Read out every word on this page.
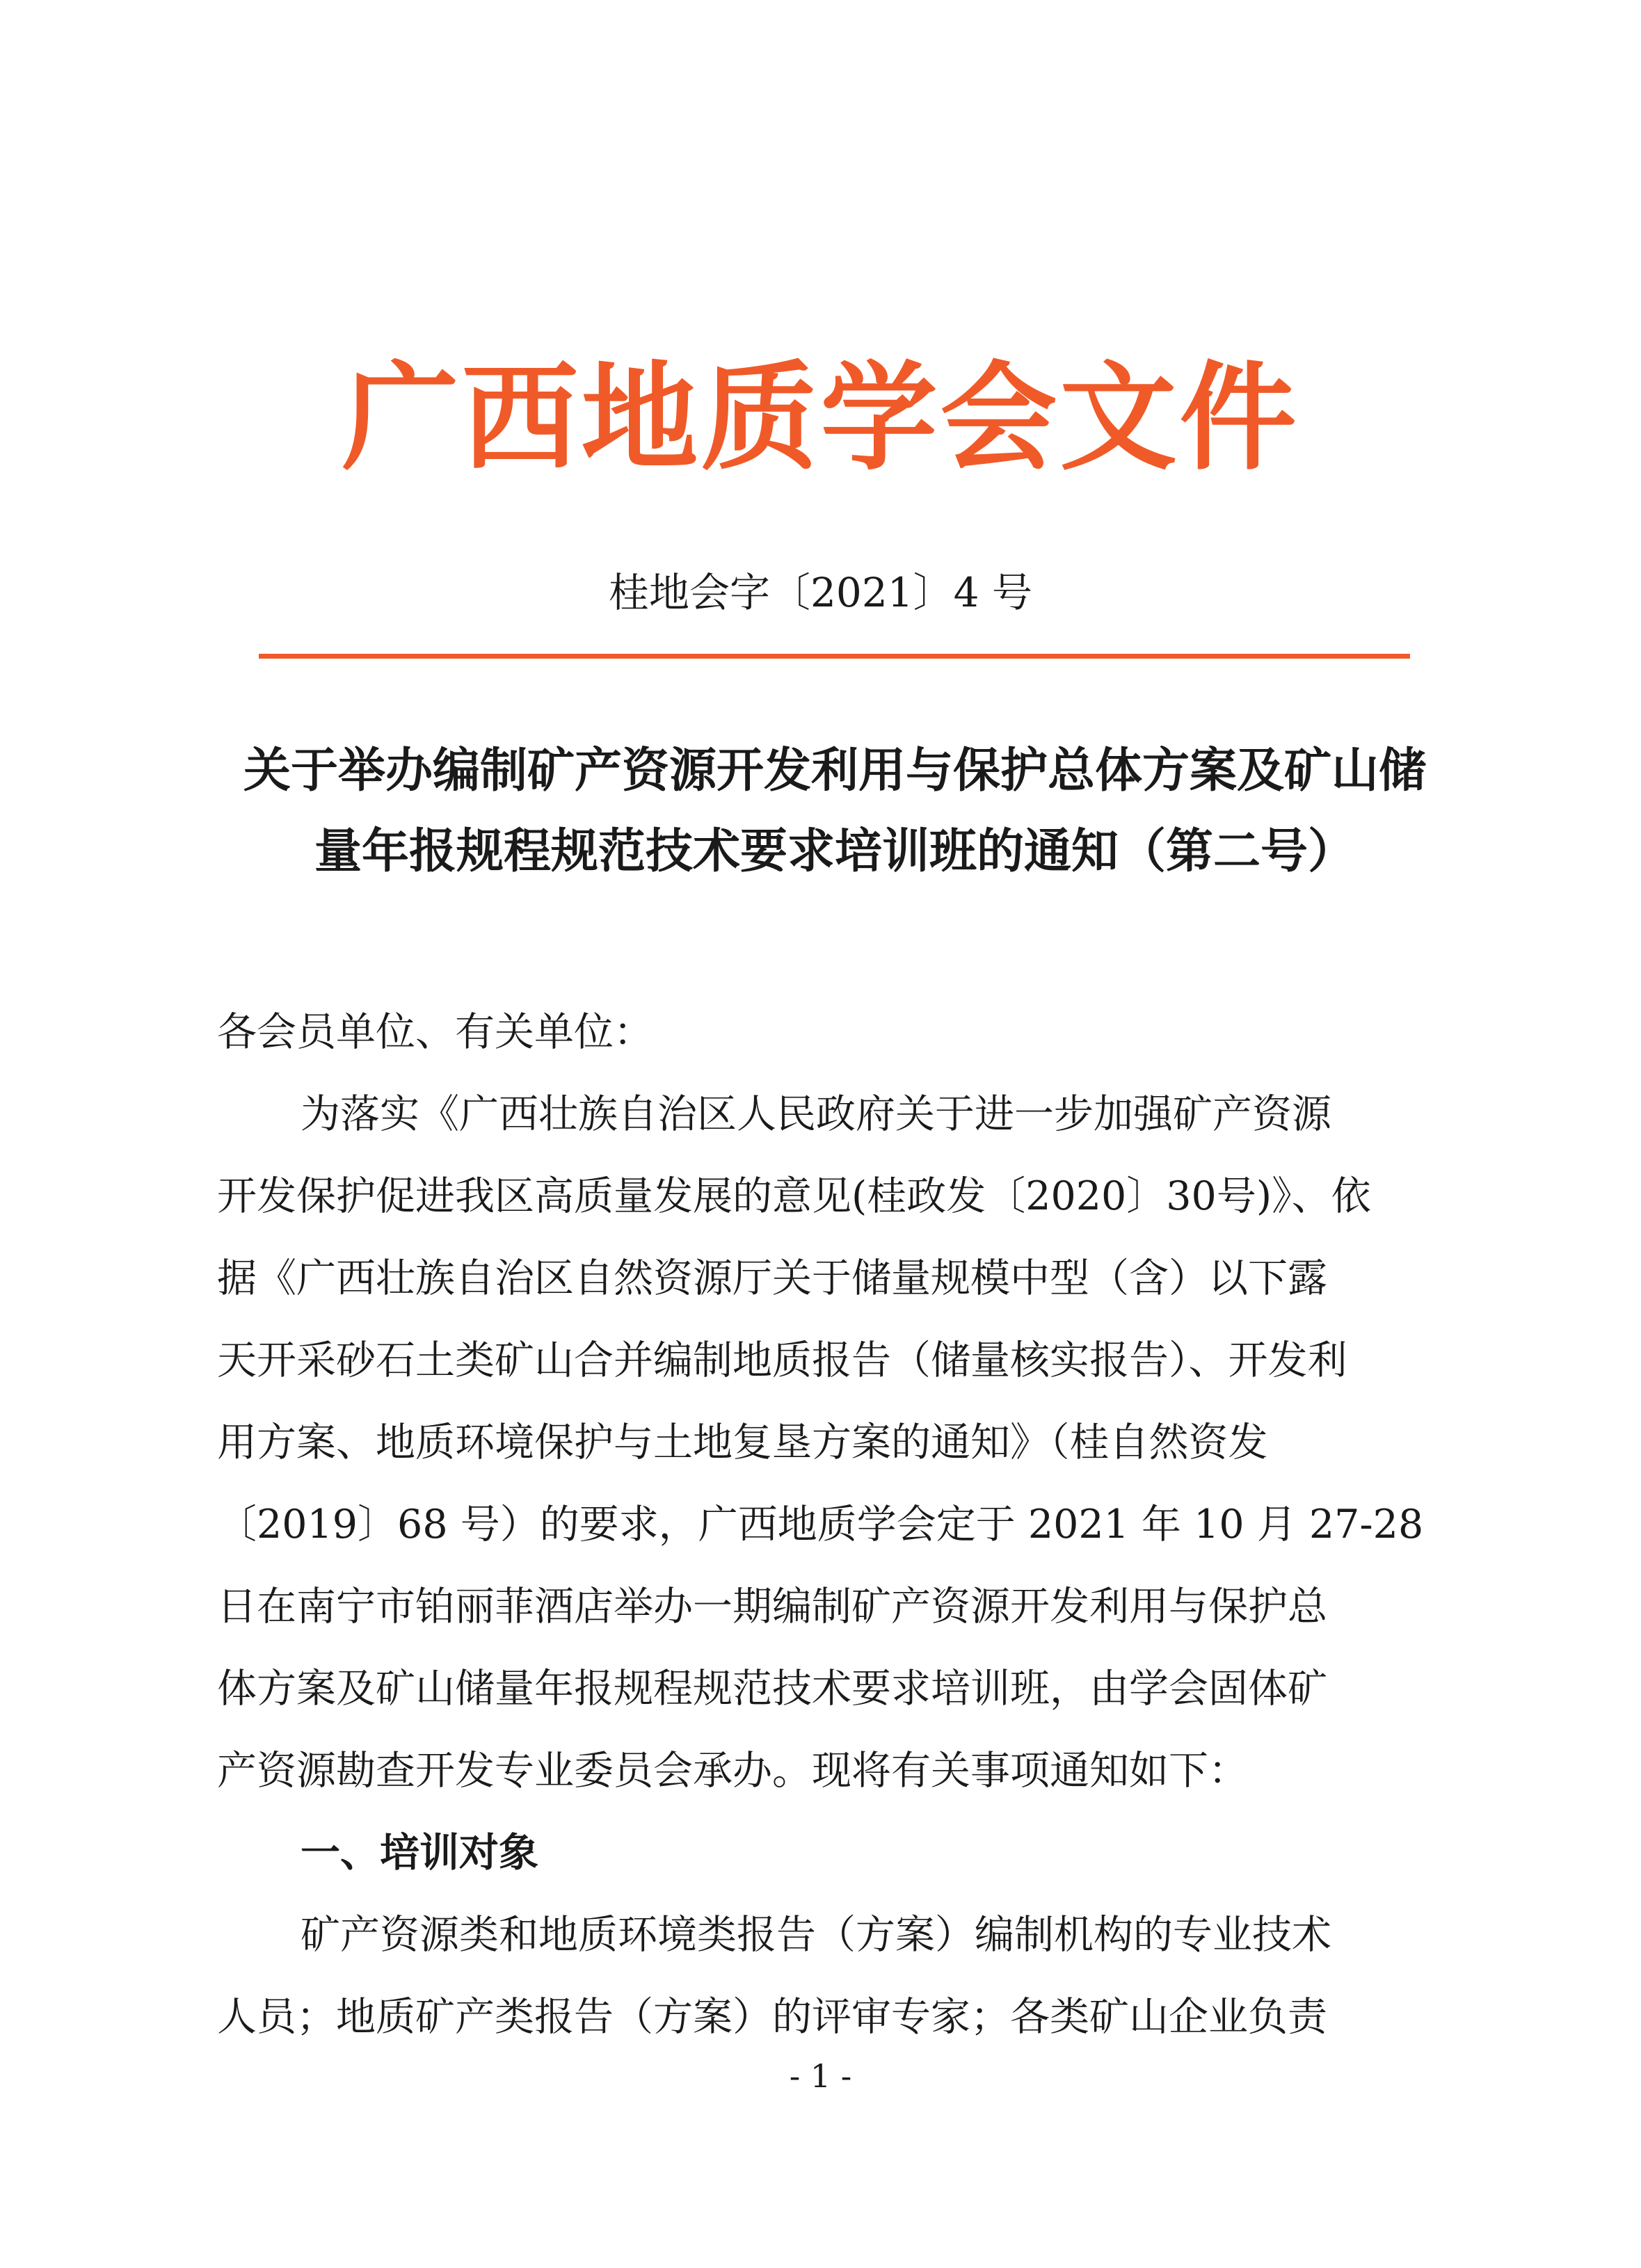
广西地质学会文件
桂地会字〔2021〕4 号
关于举办编制矿产资源开发利用与保护总体方案及矿山储
量年报规程规范技术要求培训班的通知（第二号）
各会员单位、有关单位：
为落实《广西壮族自治区人民政府关于进一步加强矿产资源
开发保护促进我区高质量发展的意见(桂政发〔2020〕30号)》、依
据《广西壮族自治区自然资源厅关于储量规模中型（含）以下露
天开采砂石土类矿山合并编制地质报告（储量核实报告）、开发利
用方案、地质环境保护与土地复垦方案的通知》（桂自然资发
〔2019〕68 号）的要求，广西地质学会定于 2021 年 10 月 27-28
日在南宁市铂丽菲酒店举办一期编制矿产资源开发利用与保护总
体方案及矿山储量年报规程规范技术要求培训班，由学会固体矿
产资源勘查开发专业委员会承办。现将有关事项通知如下：
一、培训对象
矿产资源类和地质环境类报告（方案）编制机构的专业技术
人员；地质矿产类报告（方案）的评审专家；各类矿山企业负责
- 1 -
